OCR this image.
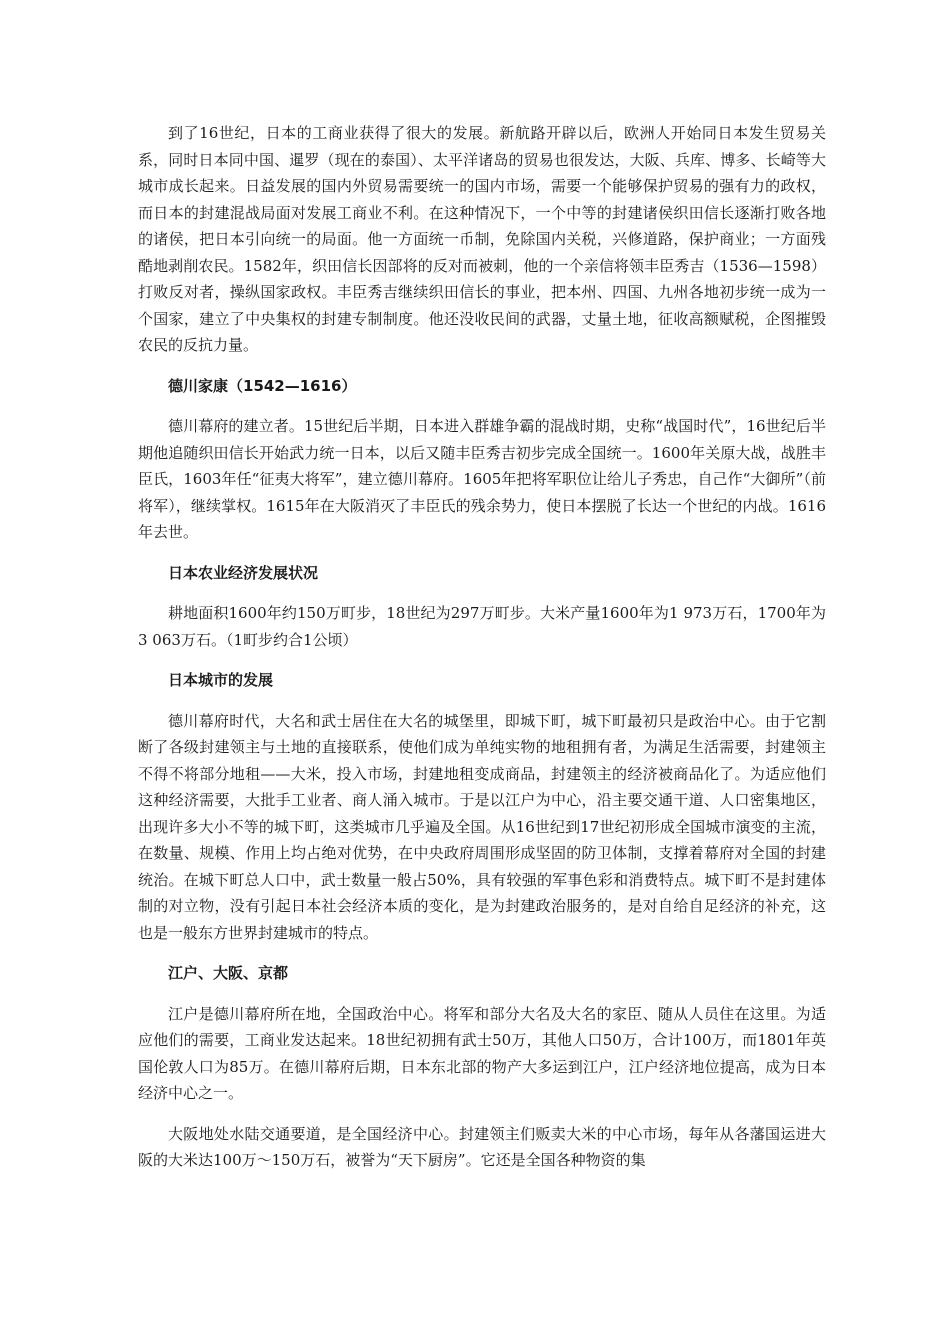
到了16世纪，日本的工商业获得了很大的发展。新航路开辟以后，欧洲人开始同日本发生贸易关系，同时日本同中国、暹罗（现在的泰国）、太平洋诸岛的贸易也很发达，大阪、兵库、博多、长崎等大城市成长起来。日益发展的国内外贸易需要统一的国内市场，需要一个能够保护贸易的强有力的政权，而日本的封建混战局面对发展工商业不利。在这种情况下，一个中等的封建诸侯织田信长逐渐打败各地的诸侯，把日本引向统一的局面。他一方面统一币制，免除国内关税，兴修道路，保护商业；一方面残酷地剥削农民。1582年，织田信长因部将的反对而被刺，他的一个亲信将领丰臣秀吉（1536—1598）打败反对者，操纵国家政权。丰臣秀吉继续织田信长的事业，把本州、四国、九州各地初步统一成为一个国家，建立了中央集权的封建专制制度。他还没收民间的武器，丈量土地，征收高额赋税，企图摧毁农民的反抗力量。

德川家康（1542—1616）

德川幕府的建立者。15世纪后半期，日本进入群雄争霸的混战时期，史称“战国时代”，16世纪后半期他追随织田信长开始武力统一日本，以后又随丰臣秀吉初步完成全国统一。1600年关原大战，战胜丰臣氏，1603年任“征夷大将军”，建立德川幕府。1605年把将军职位让给儿子秀忠，自己作“大御所”（前将军），继续掌权。1615年在大阪消灭了丰臣氏的残余势力，使日本摆脱了长达一个世纪的内战。1616年去世。

日本农业经济发展状况

耕地面积1600年约150万町步，18世纪为297万町步。大米产量1600年为1 973万石，1700年为3 063万石。（1町步约合1公顷）

日本城市的发展

德川幕府时代，大名和武士居住在大名的城堡里，即城下町，城下町最初只是政治中心。由于它割断了各级封建领主与土地的直接联系，使他们成为单纯实物的地租拥有者，为满足生活需要，封建领主不得不将部分地租——大米，投入市场，封建地租变成商品，封建领主的经济被商品化了。为适应他们这种经济需要，大批手工业者、商人涌入城市。于是以江户为中心，沿主要交通干道、人口密集地区，出现许多大小不等的城下町，这类城市几乎遍及全国。从16世纪到17世纪初形成全国城市演变的主流，在数量、规模、作用上均占绝对优势，在中央政府周围形成坚固的防卫体制，支撑着幕府对全国的封建统治。在城下町总人口中，武士数量一般占50%，具有较强的军事色彩和消费特点。城下町不是封建体制的对立物，没有引起日本社会经济本质的变化，是为封建政治服务的，是对自给自足经济的补充，这也是一般东方世界封建城市的特点。

江户、大阪、京都

江户是德川幕府所在地，全国政治中心。将军和部分大名及大名的家臣、随从人员住在这里。为适应他们的需要，工商业发达起来。18世纪初拥有武士50万，其他人口50万，合计100万，而1801年英国伦敦人口为85万。在德川幕府后期，日本东北部的物产大多运到江户，江户经济地位提高，成为日本经济中心之一。

大阪地处水陆交通要道，是全国经济中心。封建领主们贩卖大米的中心市场，每年从各藩国运进大阪的大米达100万～150万石，被誉为“天下厨房”。它还是全国各种物资的集
